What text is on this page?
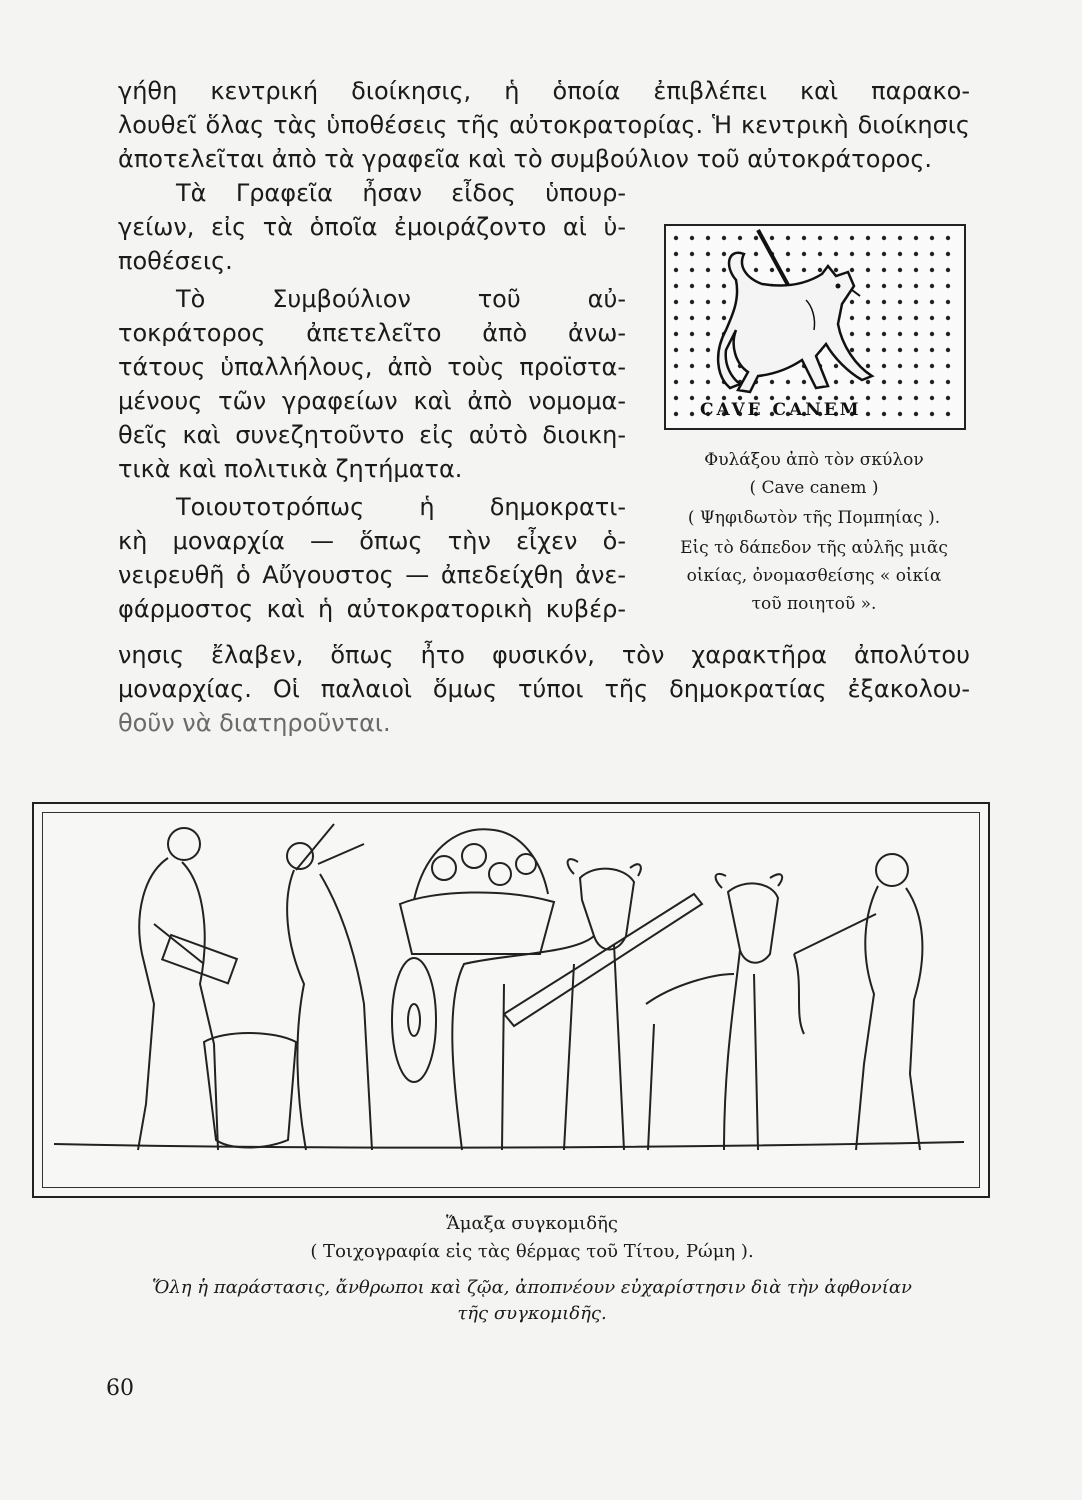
γήθη κεντρική διοίκησις, ἡ ὁποία ἐπιβλέπει καὶ παρακο-
λουθεῖ ὅλας τὰς ὑποθέσεις τῆς αὐτοκρατορίας. Ἡ κεντρικὴ διοίκησις
ἀποτελεῖται ἀπὸ τὰ γραφεῖα καὶ τὸ συμβούλιον τοῦ αὐτοκράτορος.
Τὰ Γραφεῖα ἦσαν εἶδος ὑπουρ-
γείων, εἰς τὰ ὁποῖα ἐμοιράζοντο αἱ ὑ-
ποθέσεις.
Τὸ Συμβούλιον τοῦ αὐ-
τοκράτορος ἀπετελεῖτο ἀπὸ ἀνω-
τάτους ὑπαλλήλους, ἀπὸ τοὺς προϊστα-
μένους τῶν γραφείων καὶ ἀπὸ νομομα-
θεῖς καὶ συνεζητοῦντο εἰς αὐτὸ διοικη-
τικὰ καὶ πολιτικὰ ζητήματα.
Τοιουτοτρόπως ἡ δημοκρατι-
κὴ μοναρχία — ὅπως τὴν εἶχεν ὁ-
νειρευθῆ ὁ Αὔγουστος — ἀπεδείχθη ἀνε-
φάρμοστος καὶ ἡ αὐτοκρατορικὴ κυβέρ-
νησις ἔλαβεν, ὅπως ἦτο φυσικόν, τὸν χαρακτῆρα ἀπολύτου
μοναρχίας. Οἱ παλαιοὶ ὅμως τύποι τῆς δημοκρατίας ἐξακολου-
θοῦν νὰ διατηροῦνται.
CAVE CANEM
Φυλάξου ἀπὸ τὸν σκύλον
( Cave canem )
( Ψηφιδωτὸν τῆς Πομπηίας ).
Εἰς τὸ δάπεδον τῆς αὐλῆς μιᾶς
οἰκίας, ὀνομασθείσης « οἰκία
τοῦ ποιητοῦ ».
Ἅμαξα συγκομιδῆς
( Τοιχογραφία εἰς τὰς θέρμας τοῦ Τίτου, Ρώμη ).
Ὅλη ἡ παράστασις, ἄνθρωποι καὶ ζῷα, ἀποπνέουν εὐχαρίστησιν διὰ τὴν ἀφθονίαν
τῆς συγκομιδῆς.
60
